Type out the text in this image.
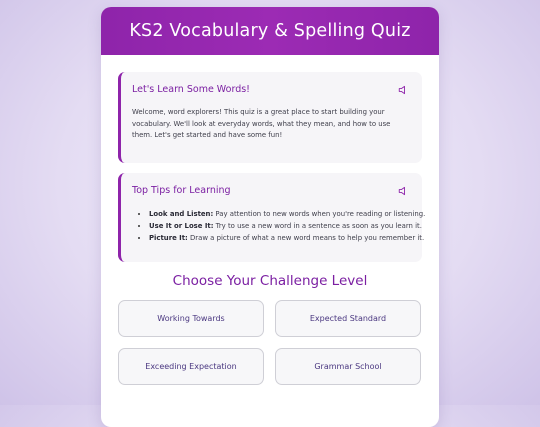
KS2 Vocabulary & Spelling Quiz
Let's Learn Some Words!

Welcome, word explorers! This quiz is a great place to start building your vocabulary. We'll look at everyday words, what they mean, and how to use them. Let's get started and have some fun!

Top Tips for Learning
• Look and Listen: Pay attention to new words when you're reading or listening.
• Use It or Lose It: Try to use a new word in a sentence as soon as you learn it.
• Picture It: Draw a picture of what a new word means to help you remember it.
Choose Your Challenge Level
Working Towards	Expected Standard
Exceeding Expectation	Grammar School
